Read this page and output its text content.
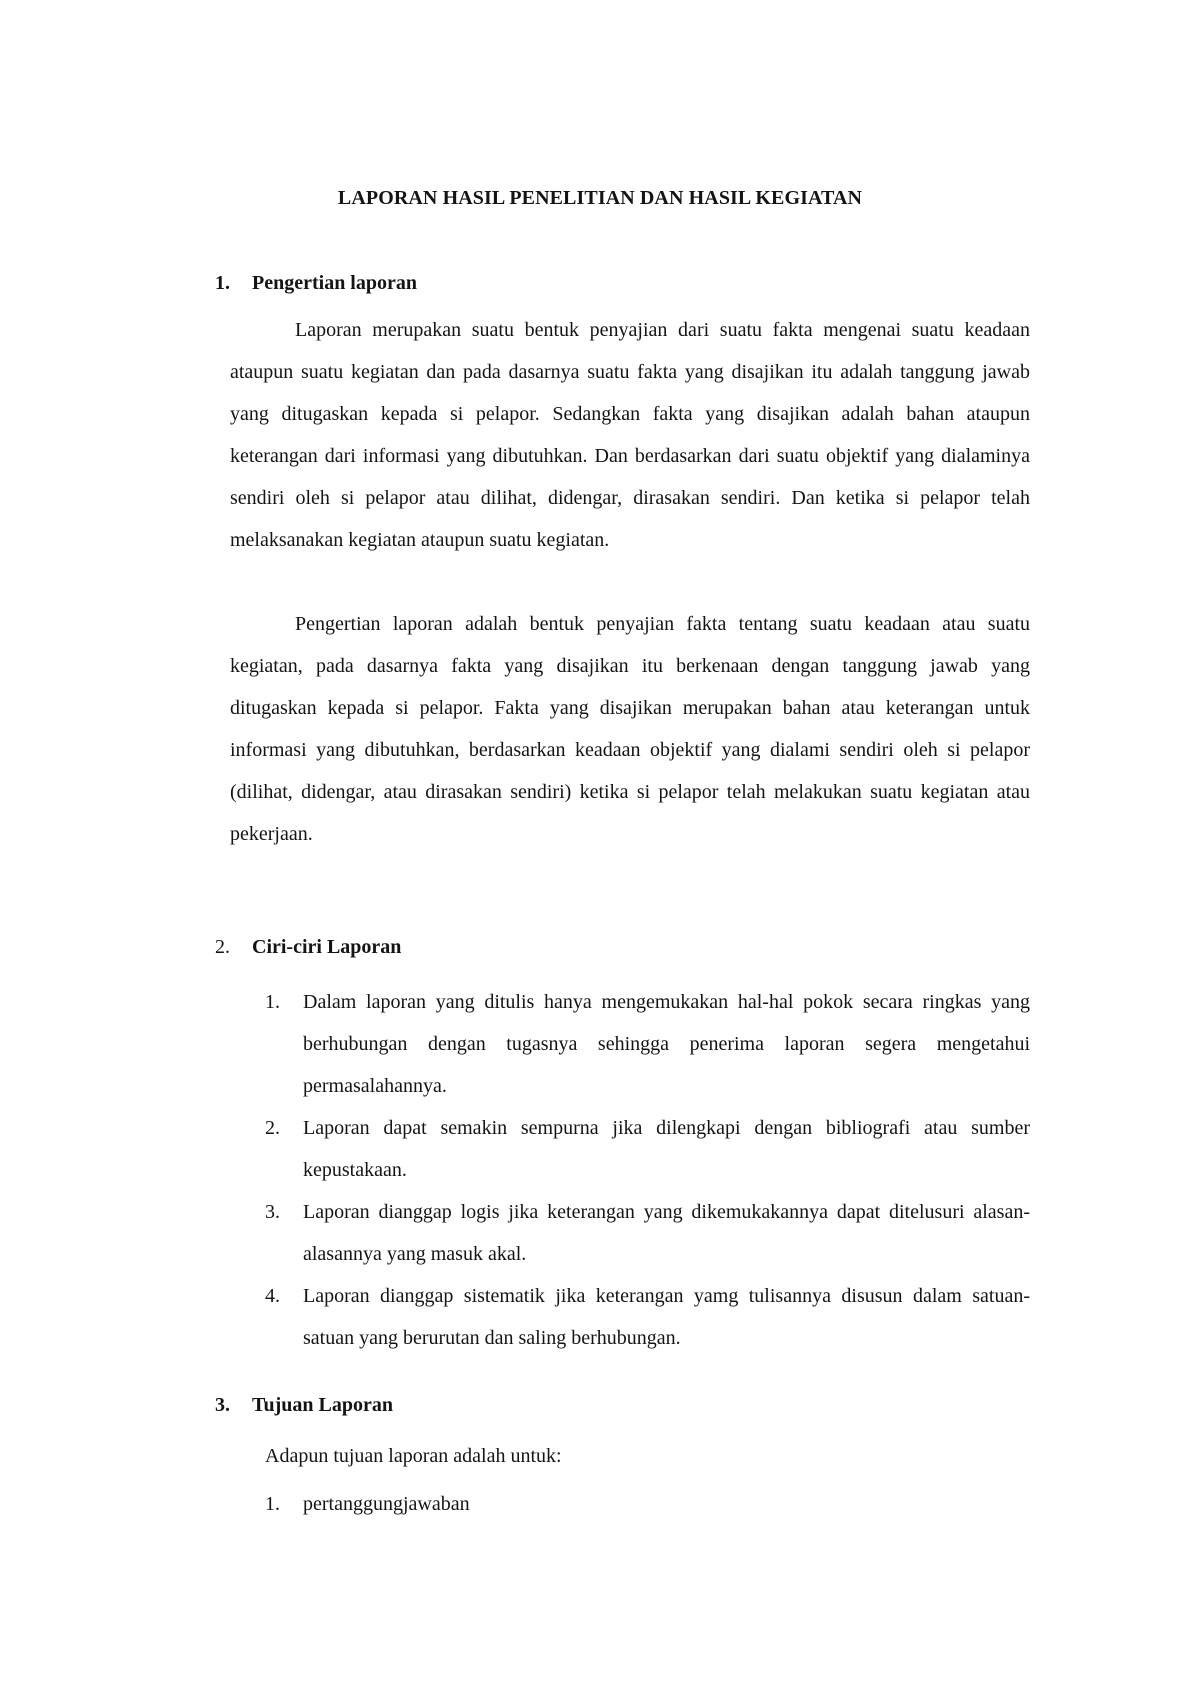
LAPORAN HASIL PENELITIAN DAN HASIL KEGIATAN
1. Pengertian laporan

Laporan merupakan suatu bentuk penyajian dari suatu fakta mengenai suatu keadaan ataupun suatu kegiatan dan pada dasarnya suatu fakta yang disajikan itu adalah tanggung jawab yang ditugaskan kepada si pelapor. Sedangkan fakta yang disajikan adalah bahan ataupun keterangan dari informasi yang dibutuhkan. Dan berdasarkan dari suatu objektif yang dialaminya sendiri oleh si pelapor atau dilihat, didengar, dirasakan sendiri. Dan ketika si pelapor telah melaksanakan kegiatan ataupun suatu kegiatan.

Pengertian laporan adalah bentuk penyajian fakta tentang suatu keadaan atau suatu kegiatan, pada dasarnya fakta yang disajikan itu berkenaan dengan tanggung jawab yang ditugaskan kepada si pelapor. Fakta yang disajikan merupakan bahan atau keterangan untuk informasi yang dibutuhkan, berdasarkan keadaan objektif yang dialami sendiri oleh si pelapor (dilihat, didengar, atau dirasakan sendiri) ketika si pelapor telah melakukan suatu kegiatan atau pekerjaan.

2. Ciri-ciri Laporan
1.	Dalam laporan yang ditulis hanya mengemukakan hal-hal pokok secara ringkas yang berhubungan dengan tugasnya sehingga penerima laporan segera mengetahui permasalahannya.
2.	Laporan dapat semakin sempurna jika dilengkapi dengan bibliografi atau sumber kepustakaan.
3.	Laporan dianggap logis jika keterangan yang dikemukakannya dapat ditelusuri alasan-alasannya yang masuk akal.
4.	Laporan dianggap sistematik jika keterangan yamg tulisannya disusun dalam satuan-satuan yang berurutan dan saling berhubungan.
3. Tujuan Laporan
Adapun tujuan laporan adalah untuk:
1.	pertanggungjawaban
